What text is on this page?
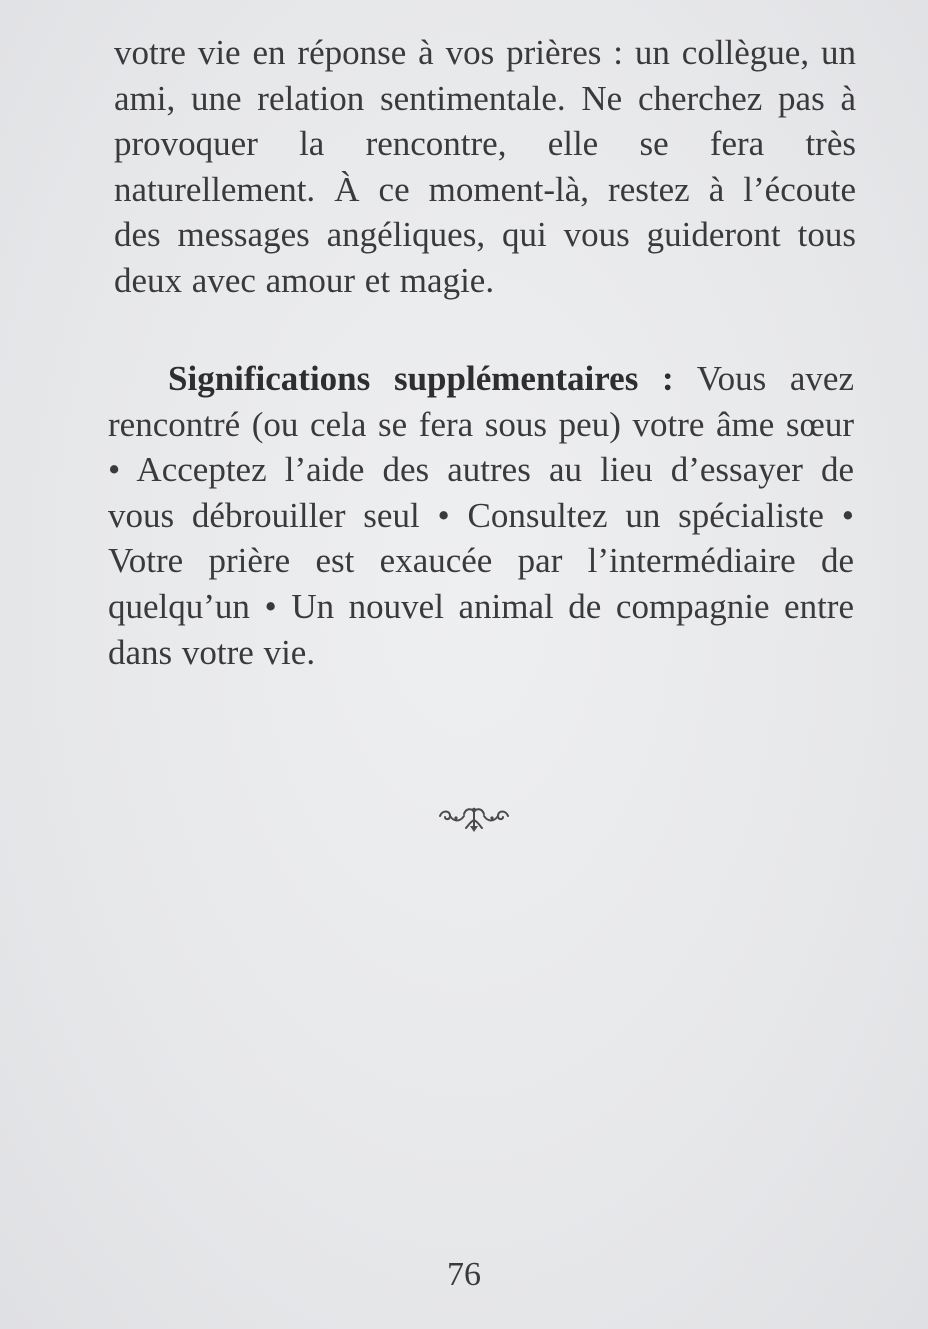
votre vie en réponse à vos prières : un collègue, un ami, une relation sentimentale. Ne cherchez pas à provoquer la rencontre, elle se fera très naturellement. À ce moment-là, restez à l’écoute des messages angéliques, qui vous guideront tous deux avec amour et magie.

Significations supplémentaires : Vous avez rencontré (ou cela se fera sous peu) votre âme sœur • Acceptez l’aide des autres au lieu d’essayer de vous débrouiller seul • Consultez un spécialiste • Votre prière est exaucée par l’intermédiaire de quelqu’un • Un nouvel animal de compagnie entre dans votre vie.

76
